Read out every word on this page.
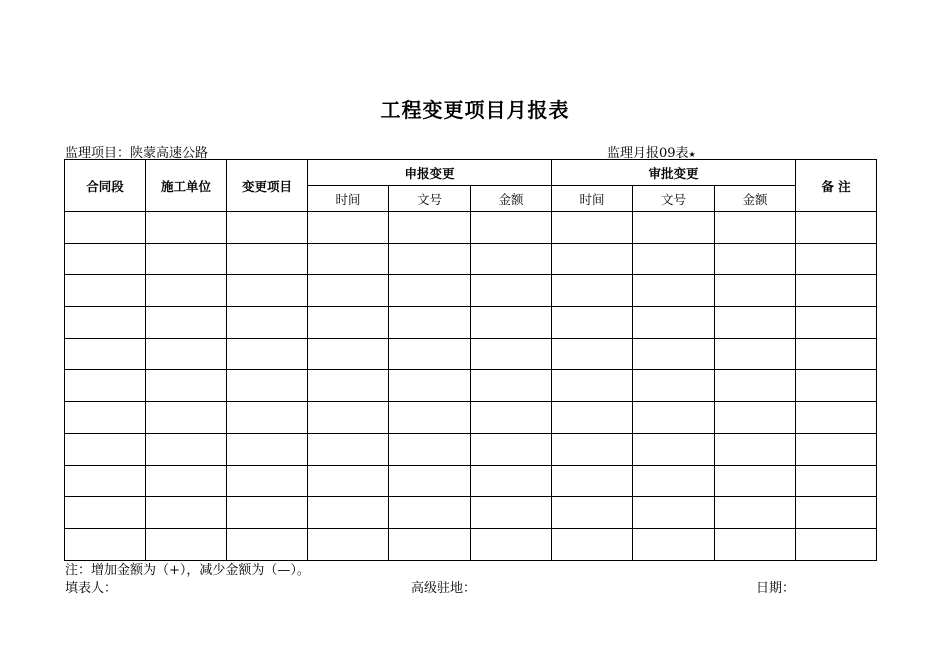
工程变更项目月报表
监理项目：陕蒙高速公路	监理月报09表★
合同段	施工单位	变更项目	申报变更			审批变更			备 注
			时间	文号	金额	时间	文号	金额	

注：增加金额为（+），减少金额为（—）。
填表人：	高级驻地：	日期：
